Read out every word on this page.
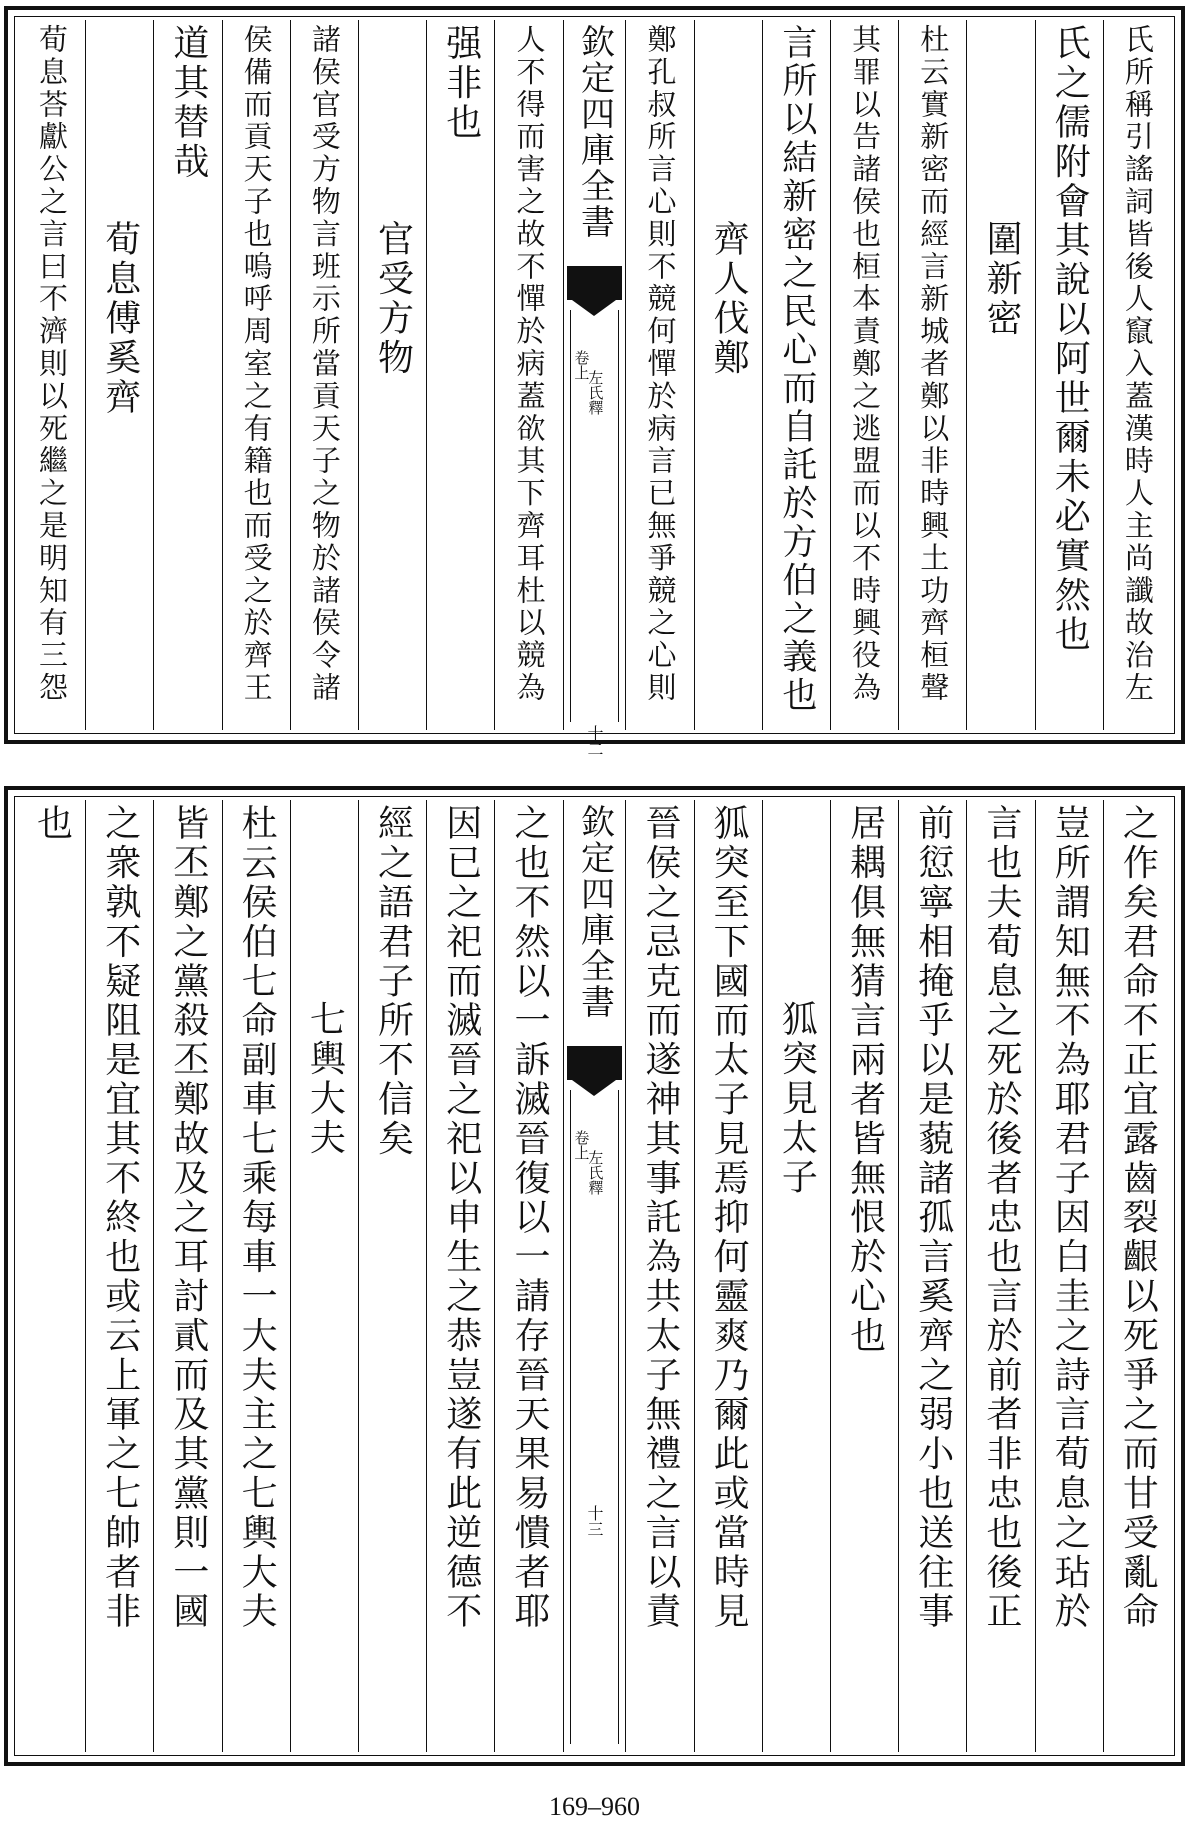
氏所稱引謠詞皆後人竄入蓋漢時人主尚讖故治左
氏之儒附會其說以阿世爾未必實然也
圍新密
杜云實新密而經言新城者鄭以非時興土功齊桓聲
其罪以告諸侯也桓本責鄭之逃盟而以不時興役為
言所以結新密之民心而自託於方伯之義也
齊人伐鄭
鄭孔叔所言心則不競何憚於病言已無爭競之心則
欽定四庫全書
左氏釋
卷上
十二
人不得而害之故不憚於病蓋欲其下齊耳杜以競為
强非也
官受方物
諸侯官受方物言班示所當貢天子之物於諸侯令諸
侯備而貢天子也嗚呼周室之有籍也而受之於齊王
道其替哉
荀息傅奚齊
荀息荅獻公之言曰不濟則以死繼之是明知有三怨
之作矣君命不正宜露齒裂齦以死爭之而甘受亂命
豈所謂知無不為耶君子因白圭之詩言荀息之玷於
言也夫荀息之死於後者忠也言於前者非忠也後正
前愆寧相掩乎以是藐諸孤言奚齊之弱小也送往事
居耦俱無猜言兩者皆無恨於心也
狐突見太子
狐突至下國而太子見焉抑何靈爽乃爾此或當時見
晉侯之忌克而遂神其事託為共太子無禮之言以責
欽定四庫全書
左氏釋
卷上
十三
之也不然以一訴滅晉復以一請存晉天果易憒者耶
因已之祀而滅晉之祀以申生之恭豈遂有此逆德不
經之語君子所不信矣
七輿大夫
杜云侯伯七命副車七乘每車一大夫主之七輿大夫
皆丕鄭之黨殺丕鄭故及之耳討貳而及其黨則一國
之衆孰不疑阻是宜其不終也或云上軍之七帥者非
也
169–960
